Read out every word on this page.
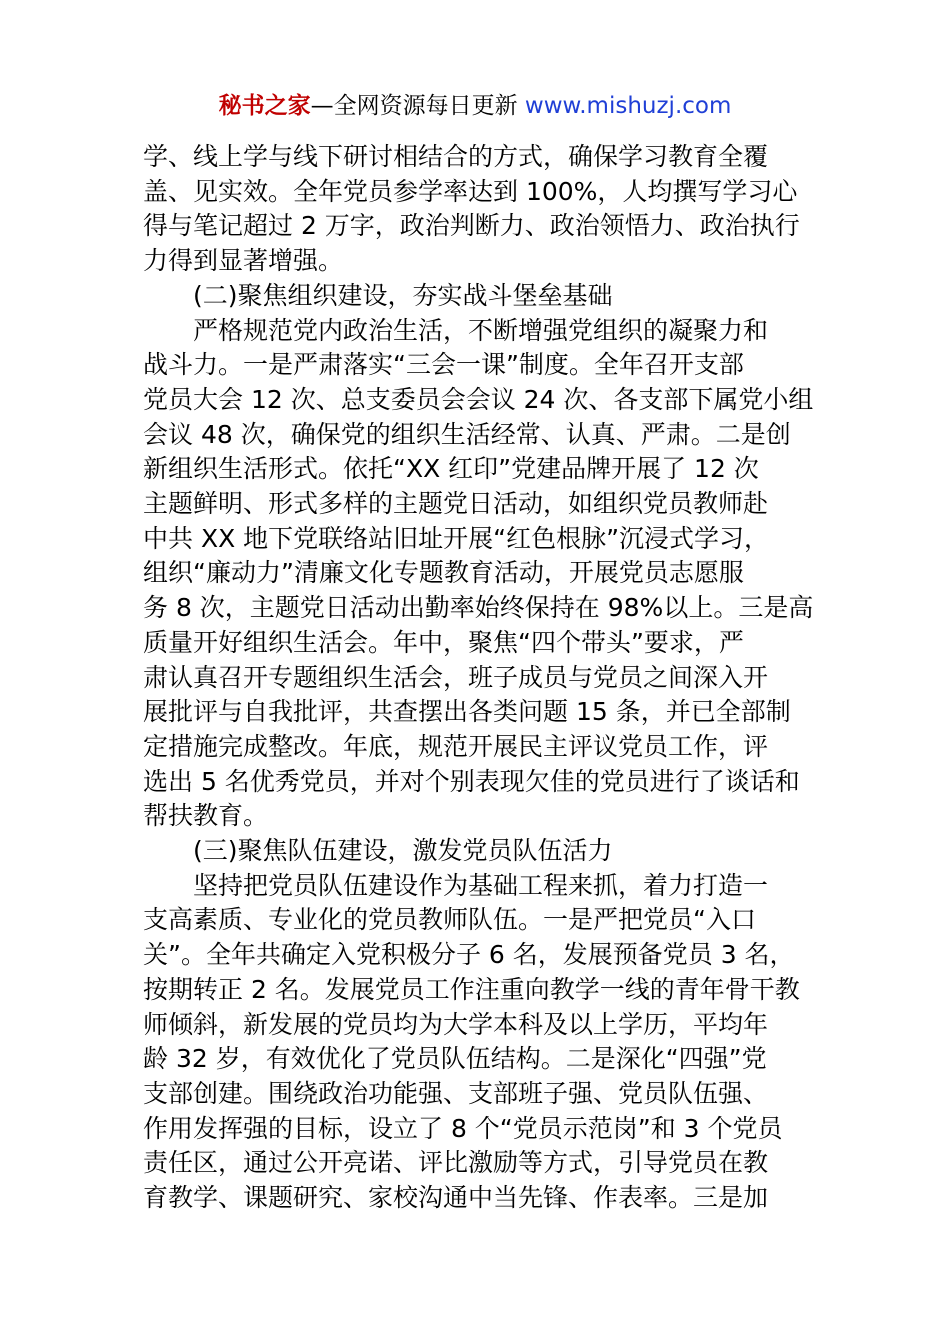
秘书之家—全网资源每日更新 www.mishuzj.com
学、线上学与线下研讨相结合的方式，确保学习教育全覆
盖、见实效。全年党员参学率达到 100%，人均撰写学习心
得与笔记超过 2 万字，政治判断力、政治领悟力、政治执行
力得到显著增强。
(二)聚焦组织建设，夯实战斗堡垒基础
严格规范党内政治生活，不断增强党组织的凝聚力和
战斗力。一是严肃落实“三会一课”制度。全年召开支部
党员大会 12 次、总支委员会会议 24 次、各支部下属党小组
会议 48 次，确保党的组织生活经常、认真、严肃。二是创
新组织生活形式。依托“XX 红印”党建品牌开展了 12 次
主题鲜明、形式多样的主题党日活动，如组织党员教师赴
中共 XX 地下党联络站旧址开展“红色根脉”沉浸式学习，
组织“廉动力”清廉文化专题教育活动，开展党员志愿服
务 8 次，主题党日活动出勤率始终保持在 98%以上。三是高
质量开好组织生活会。年中，聚焦“四个带头”要求，严
肃认真召开专题组织生活会，班子成员与党员之间深入开
展批评与自我批评，共查摆出各类问题 15 条，并已全部制
定措施完成整改。年底，规范开展民主评议党员工作，评
选出 5 名优秀党员，并对个别表现欠佳的党员进行了谈话和
帮扶教育。
(三)聚焦队伍建设，激发党员队伍活力
坚持把党员队伍建设作为基础工程来抓，着力打造一
支高素质、专业化的党员教师队伍。一是严把党员“入口
关”。全年共确定入党积极分子 6 名，发展预备党员 3 名，
按期转正 2 名。发展党员工作注重向教学一线的青年骨干教
师倾斜，新发展的党员均为大学本科及以上学历，平均年
龄 32 岁，有效优化了党员队伍结构。二是深化“四强”党
支部创建。围绕政治功能强、支部班子强、党员队伍强、
作用发挥强的目标，设立了 8 个“党员示范岗”和 3 个党员
责任区，通过公开亮诺、评比激励等方式，引导党员在教
育教学、课题研究、家校沟通中当先锋、作表率。三是加
